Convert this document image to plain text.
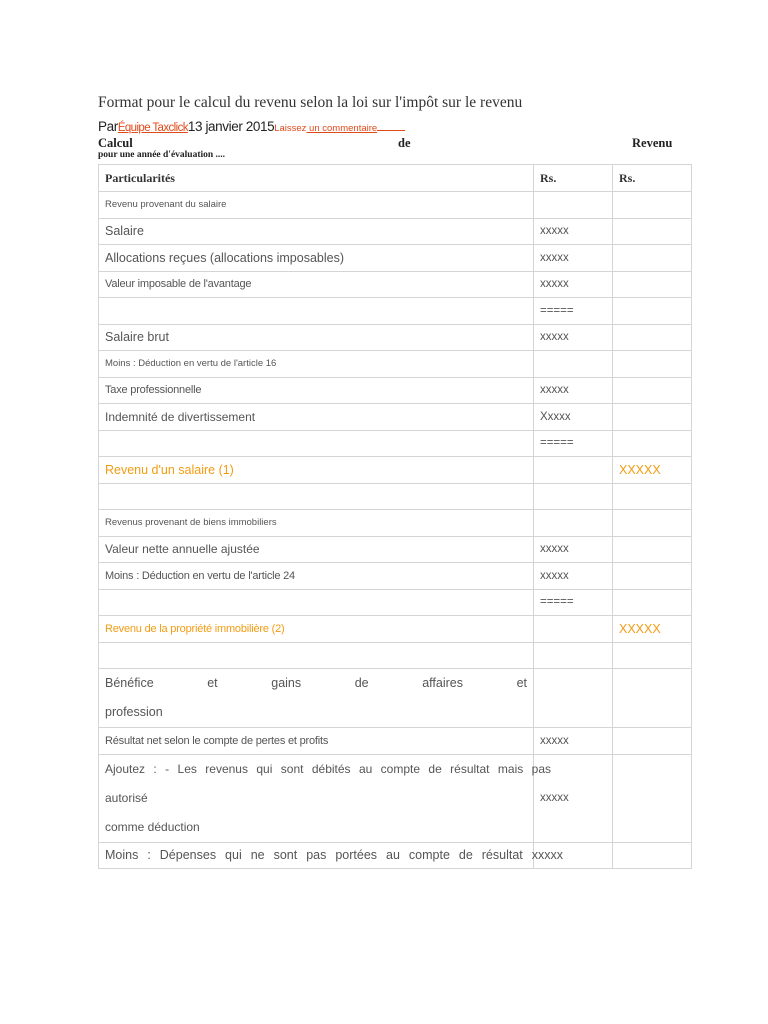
Format pour le calcul du revenu selon la loi sur l'impôt sur le revenu
ParÉquipe Taxclick13 janvier 2015Laissez un commentaire
Calcul	de	Revenu
pour une année d'évaluation ....
Particularités	Rs.	Rs.
Revenu provenant du salaire		
Salaire	xxxxx	
Allocations reçues (allocations imposables)	xxxxx	
Valeur imposable de l'avantage	xxxxx	
	=====	
Salaire brut	xxxxx	
Moins : Déduction en vertu de l'article 16		
Taxe professionnelle	xxxxx	
Indemnité de divertissement	Xxxxx	
	=====	
Revenu d'un salaire (1)		XXXXX

Revenus provenant de biens immobiliers		
Valeur nette annuelle ajustée	xxxxx	
Moins : Déduction en vertu de l'article 24	xxxxx	
	=====	
Revenu de la propriété immobilière (2)		XXXXX

Bénéfice et gains de affaires et
profession		

Résultat net selon le compte de pertes et profits	xxxxx	

Ajoutez : - Les revenus qui sont débités au compte de résultat mais pas
autorisé
comme déduction	xxxxx	

Moins : Dépenses qui ne sont pas portées au compte de résultat xxxxx		
